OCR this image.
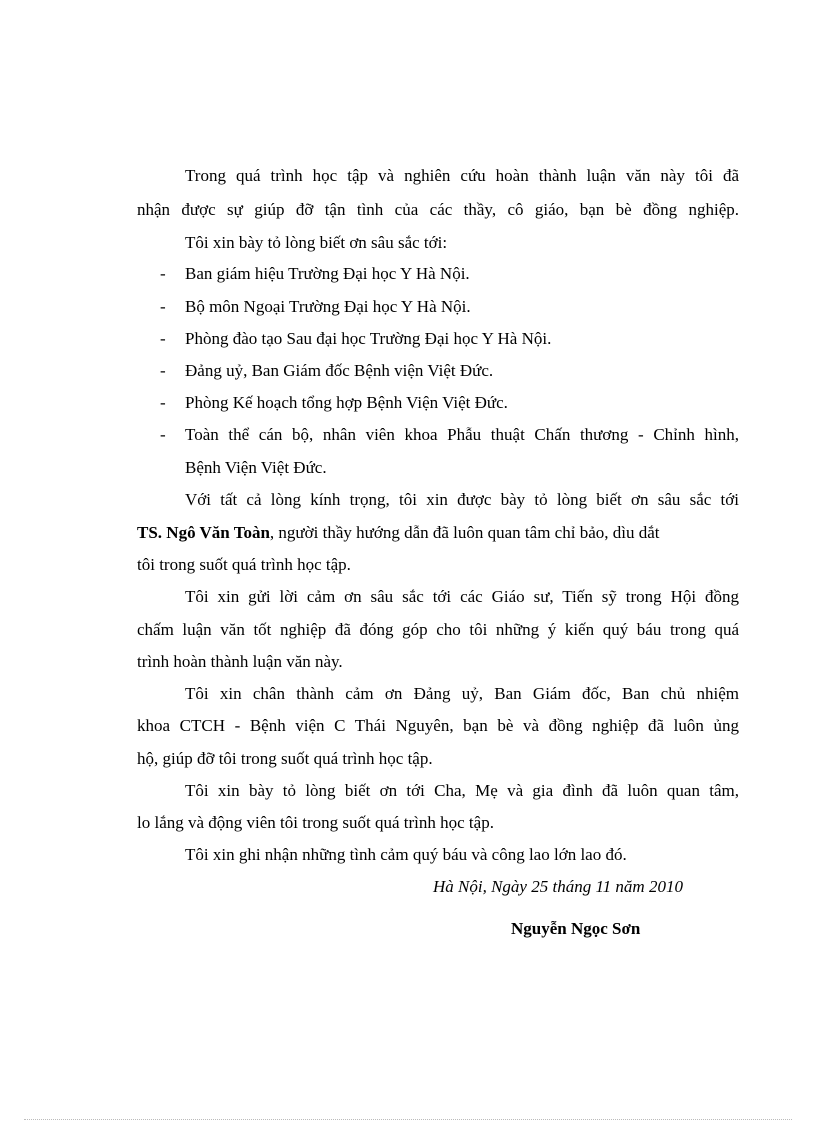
Trong quá trình học tập và nghiên cứu hoàn thành luận văn này tôi đã
nhận được sự giúp đỡ tận tình của các thầy, cô giáo, bạn bè đồng nghiệp.
Tôi xin bày tỏ lòng biết ơn sâu sắc tới:
- Ban giám hiệu Trường Đại học Y Hà Nội.
- Bộ môn Ngoại Trường Đại học Y Hà Nội.
- Phòng đào tạo Sau đại học Trường Đại học Y Hà Nội.
- Đảng uỷ, Ban Giám đốc Bệnh viện Việt Đức.
- Phòng Kế hoạch tổng hợp Bệnh Viện Việt Đức.
- Toàn thể cán bộ, nhân viên khoa Phẫu thuật Chấn thương - Chỉnh hình,
Bệnh Viện Việt Đức.
Với tất cả lòng kính trọng, tôi xin được bày tỏ lòng biết ơn sâu sắc tới
TS. Ngô Văn Toàn, người thầy hướng dẫn đã luôn quan tâm chỉ bảo, dìu dắt
tôi trong suốt quá trình học tập.
Tôi xin gửi lời cảm ơn sâu sắc tới các Giáo sư, Tiến sỹ trong Hội đồng
chấm luận văn tốt nghiệp đã đóng góp cho tôi những ý kiến quý báu trong quá
trình hoàn thành luận văn này.
Tôi xin chân thành cảm ơn Đảng uỷ, Ban Giám đốc, Ban chủ nhiệm
khoa CTCH - Bệnh viện C Thái Nguyên, bạn bè và đồng nghiệp đã luôn ủng
hộ, giúp đỡ tôi trong suốt quá trình học tập.
Tôi xin bày tỏ lòng biết ơn tới Cha, Mẹ và gia đình đã luôn quan tâm,
lo lắng và động viên tôi trong suốt quá trình học tập.
Tôi xin ghi nhận những tình cảm quý báu và công lao lớn lao đó.
Hà Nội, Ngày 25 tháng 11 năm 2010
Nguyễn Ngọc Sơn
